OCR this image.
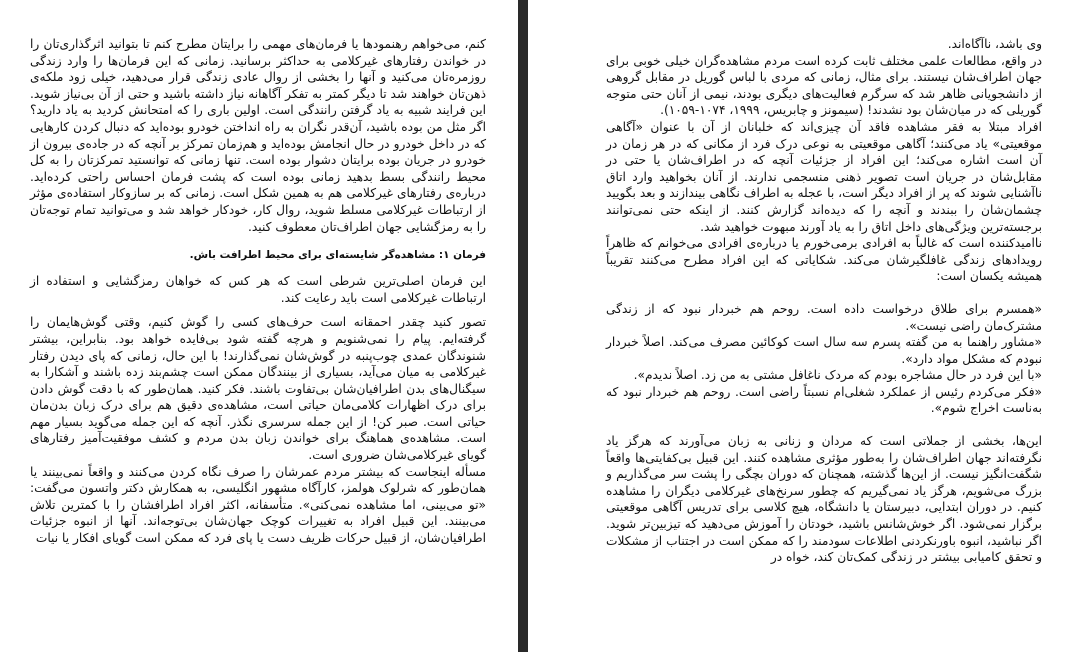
کنم، می‌خواهم رهنمودها یا فرمان‌های مهمی را برایتان مطرح کنم تا بتوانید اثرگذاری‌تان را در خواندن رفتارهای غیرکلامی به حداکثر برسانید. زمانی که این فرمان‌ها را وارد زندگی روزمره‌تان می‌کنید و آنها را بخشی از روال عادی زندگی قرار می‌دهید، خیلی زود ملکه‌ی ذهن‌تان خواهند شد تا دیگر کمتر به تفکر آگاهانه نیاز داشته باشید و حتی از آن بی‌نیاز شوید. این فرایند شبیه به یاد گرفتن رانندگی است. اولین باری را که امتحانش کردید به یاد دارید؟ اگر مثل من بوده باشید، آن‌قدر نگران به راه انداختن خودرو بوده‌اید که دنبال کردن کارهایی که در داخل خودرو در حال انجامش بوده‌اید و هم‌زمان تمرکز بر آنچه که در جاده‌ی بیرون از خودرو در جریان بوده برایتان دشوار بوده است. تنها زمانی که توانستید تمرکزتان را به کل محیط رانندگی بسط بدهید زمانی بوده است که پشت فرمان احساس راحتی کرده‌اید. درباره‌ی رفتارهای غیرکلامی هم به همین شکل است. زمانی که بر سازوکار استفاده‌ی مؤثر از ارتباطات غیرکلامی مسلط شوید، روال کار، خودکار خواهد شد و می‌توانید تمام توجه‌تان را به رمزگشایی جهان اطراف‌تان معطوف کنید.

فرمان ۱: مشاهده‌گر شایسته‌ای برای محیط اطرافت باش.

این فرمان اصلی‌ترین شرطی است که هر کس که خواهان رمزگشایی و استفاده از ارتباطات غیرکلامی است باید رعایت کند.

تصور کنید چقدر احمقانه است حرف‌های کسی را گوش کنیم، وقتی گوش‌هایمان را گرفته‌ایم. پیام را نمی‌شنویم و هرچه گفته شود بی‌فایده خواهد بود. بنابراین، بیشتر شنوندگان عمدی چوب‌پنبه در گوش‌شان نمی‌گذارند! با این حال، زمانی که پای دیدن رفتار غیرکلامی به میان می‌آید، بسیاری از بینندگان ممکن است چشم‌بند زده باشند و آشکارا به سیگنال‌های بدن اطرافیان‌شان بی‌تفاوت باشند. فکر کنید. همان‌طور که با دقت گوش دادن برای درک اظهارات کلامی‌مان حیاتی است، مشاهده‌ی دقیق هم برای درک زبان بدن‌مان حیاتی است. صبر کن! از این جمله سرسری نگذر. آنچه که این جمله می‌گوید بسیار مهم است. مشاهده‌ی هماهنگ برای خواندن زبان بدن مردم و کشف موفقیت‌آمیز رفتارهای گویای غیرکلامی‌شان ضروری است.

مسأله اینجاست که بیشتر مردم عمرشان را صرف نگاه کردن می‌کنند و واقعاً نمی‌بینند یا همان‌طور که شرلوک هولمز، کارآگاه مشهور انگلیسی، به همکارش دکتر واتسون می‌گفت: «تو می‌بینی، اما مشاهده نمی‌کنی». متأسفانه، اکثر افراد اطرافشان را با کمترین تلاش می‌بینند. این قبیل افراد به تغییرات کوچک جهان‌شان بی‌توجه‌اند. آنها از انبوه جزئیات اطرافیان‌شان، از قبیل حرکات ظریف دست یا پای فرد که ممکن است گویای افکار یا نیات

وی باشد، ناآگاه‌اند.

در واقع، مطالعات علمی مختلف ثابت کرده است مردم مشاهده‌گران خیلی خوبی برای جهان اطراف‌شان نیستند. برای مثال، زمانی که مردی با لباس گوریل در مقابل گروهی از دانشجویانی ظاهر شد که سرگرم فعالیت‌های دیگری بودند، نیمی از آنان حتی متوجه گوریلی که در میان‌شان بود نشدند! (سیمونز و چابریس، ۱۹۹۹، ۱۰۷۴-۱۰۵۹).

افراد مبتلا به فقر مشاهده فاقد آن چیزی‌اند که خلبانان از آن با عنوان «آگاهی موقعیتی» یاد می‌کنند؛ آگاهی موقعیتی به نوعی درک فرد از مکانی که در هر زمان در آن است اشاره می‌کند؛ این افراد از جزئیات آنچه که در اطراف‌شان یا حتی در مقابل‌شان در جریان است تصویر ذهنی منسجمی ندارند. از آنان بخواهید وارد اتاق ناآشنایی شوند که پر از افراد دیگر است، با عجله به اطراف نگاهی بیندازند و بعد بگویید چشمان‌شان را ببندند و آنچه را که دیده‌اند گزارش کنند. از اینکه حتی نمی‌توانند برجسته‌ترین ویژگی‌های داخل اتاق را به یاد آورند مبهوت خواهید شد.

ناامیدکننده است که غالباً به افرادی برمی‌خورم یا درباره‌ی افرادی می‌خوانم که ظاهراً رویدادهای زندگی غافلگیرشان می‌کند. شکایاتی که این افراد مطرح می‌کنند تقریباً همیشه یکسان است:

«همسرم برای طلاق درخواست داده است. روحم هم خبردار نبود که از زندگی مشترک‌مان راضی نیست».

«مشاور راهنما به من گفته پسرم سه سال است کوکائین مصرف می‌کند. اصلاً خبردار نبودم که مشکل مواد دارد».

«با این فرد در حال مشاجره بودم که مردک ناغافل مشتی به من زد. اصلاً ندیدم».

«فکر می‌کردم رئیس از عملکرد شغلی‌ام نسبتاً راضی است. روحم هم خبردار نبود که به‌ناست اخراج شوم».

این‌ها، بخشی از جملاتی است که مردان و زنانی به زبان می‌آورند که هرگز یاد نگرفته‌اند جهان اطراف‌شان را به‌طور مؤثری مشاهده کنند. این قبیل بی‌کفایتی‌ها واقعاً شگفت‌انگیز نیست. از این‌ها گذشته، همچنان که دوران بچگی را پشت سر می‌گذاریم و بزرگ می‌شویم، هرگز یاد نمی‌گیریم که چطور سرنخ‌های غیرکلامی دیگران را مشاهده کنیم. در دوران ابتدایی، دبیرستان یا دانشگاه، هیچ کلاسی برای تدریس آگاهی موقعیتی برگزار نمی‌شود. اگر خوش‌شانس باشید، خودتان را آموزش می‌دهید که تیزبین‌تر شوید. اگر نباشید، انبوه باورنکردنی اطلاعات سودمند را که ممکن است در اجتناب از مشکلات و تحقق کامیابی بیشتر در زندگی کمک‌تان کند، خواه در
